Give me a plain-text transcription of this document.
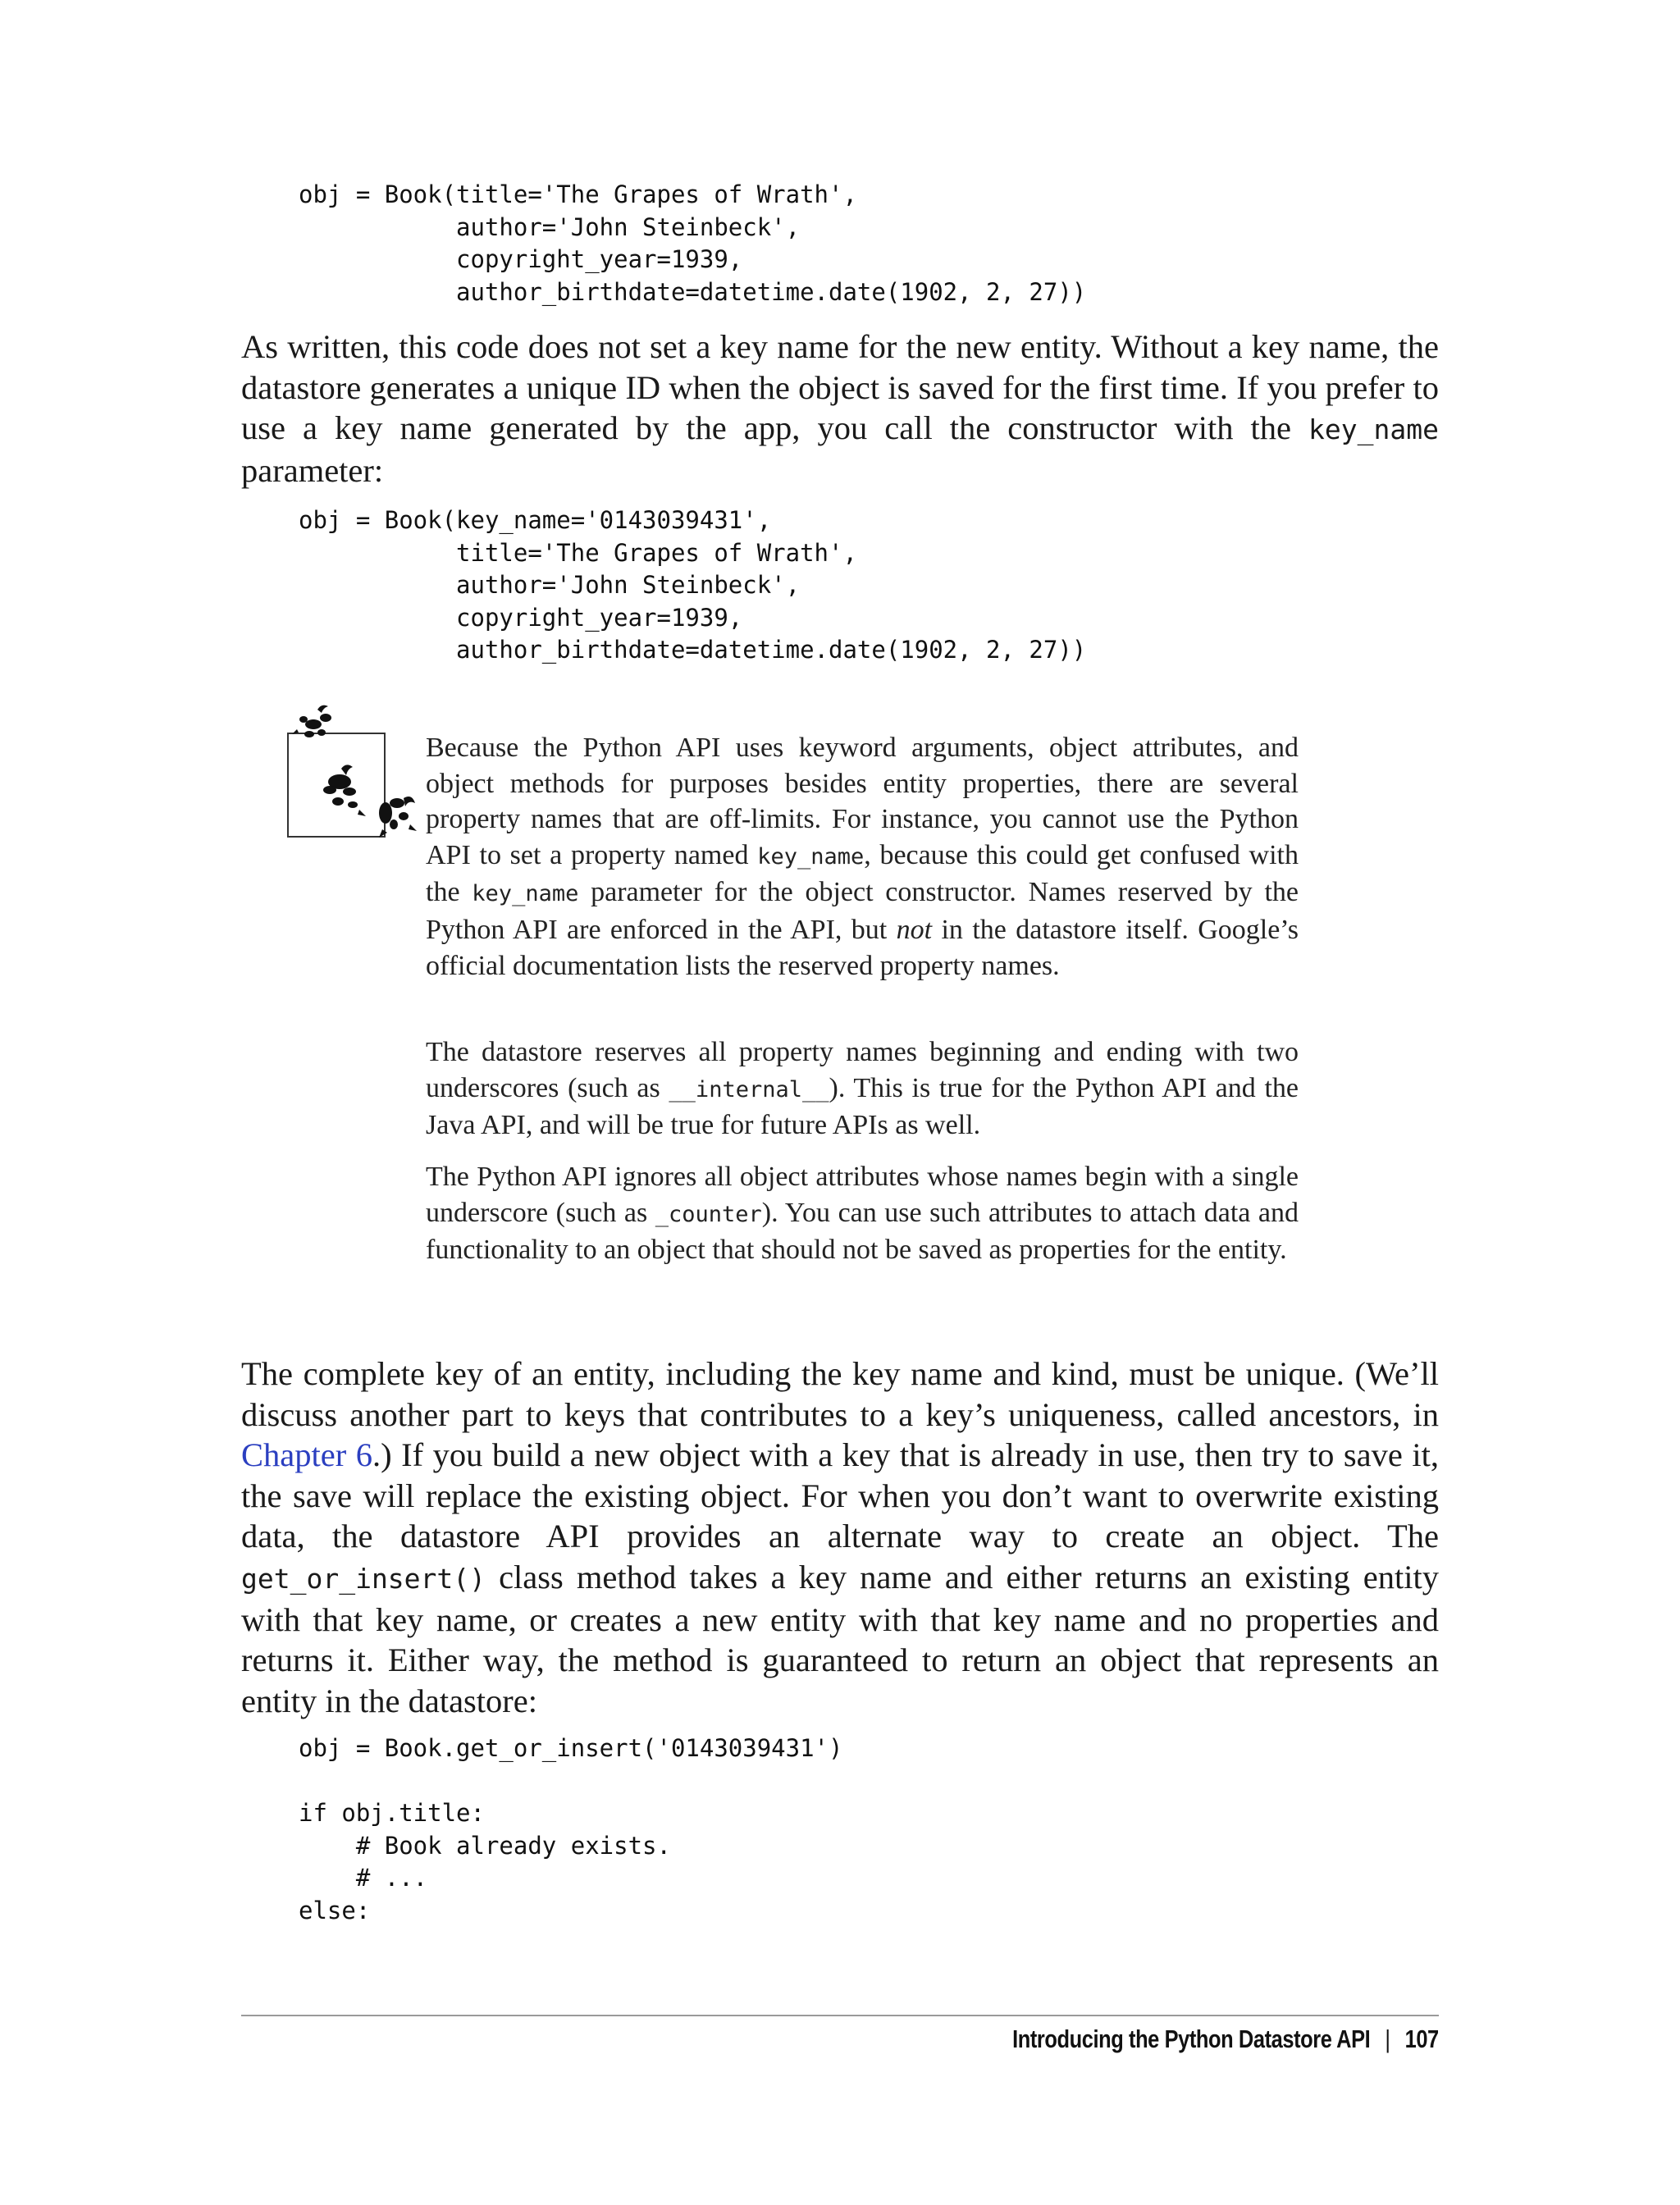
obj = Book(title='The Grapes of Wrath',
author='John Steinbeck',
copyright_year=1939,
author_birthdate=datetime.date(1902, 2, 27))

As written, this code does not set a key name for the new entity. Without a key name, the datastore generates a unique ID when the object is saved for the first time. If you prefer to use a key name generated by the app, you call the constructor with the key_name parameter:

obj = Book(key_name='0143039431',
title='The Grapes of Wrath',
author='John Steinbeck',
copyright_year=1939,
author_birthdate=datetime.date(1902, 2, 27))

Because the Python API uses keyword arguments, object attributes, and object methods for purposes besides entity properties, there are several property names that are off-limits. For instance, you cannot use the Python API to set a property named key_name, because this could get confused with the key_name parameter for the object constructor. Names reserved by the Python API are enforced in the API, but not in the datastore itself. Google’s official documentation lists the reserved property names.

The datastore reserves all property names beginning and ending with two underscores (such as __internal__). This is true for the Python API and the Java API, and will be true for future APIs as well.

The Python API ignores all object attributes whose names begin with a single underscore (such as _counter). You can use such attributes to attach data and functionality to an object that should not be saved as properties for the entity.

The complete key of an entity, including the key name and kind, must be unique. (We’ll discuss another part to keys that contributes to a key’s uniqueness, called ancestors, in Chapter 6.) If you build a new object with a key that is already in use, then try to save it, the save will replace the existing object. For when you don’t want to overwrite existing data, the datastore API provides an alternate way to create an object. The get_or_insert() class method takes a key name and either returns an existing entity with that key name, or creates a new entity with that key name and no properties and returns it. Either way, the method is guaranteed to return an object that represents an entity in the datastore:

obj = Book.get_or_insert('0143039431')

if obj.title:
# Book already exists.
# ...
else:
Introducing the Python Datastore API | 107
